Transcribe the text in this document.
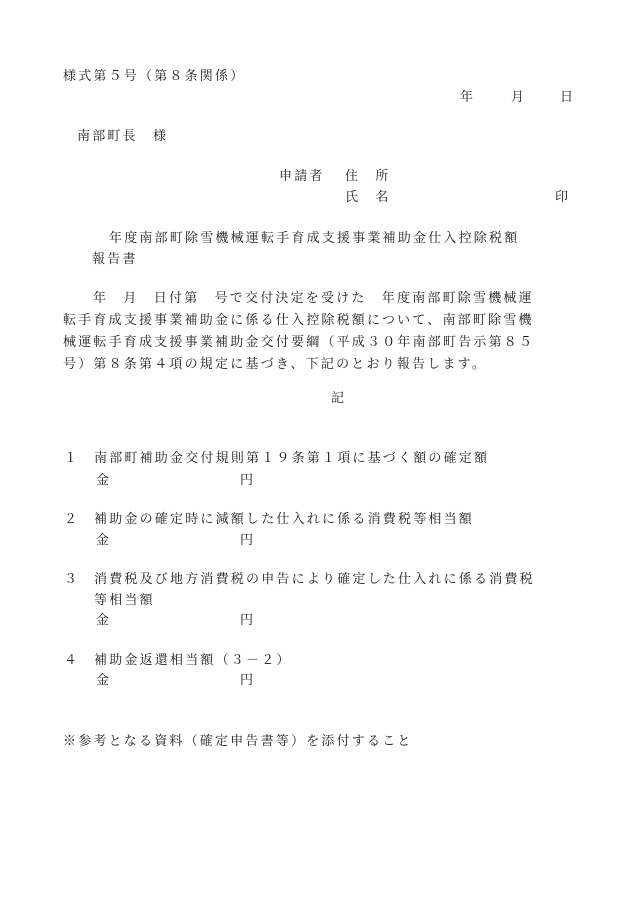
様式第５号（第８条関係）
年	月	日
南部町長　様
申請者 住　所
氏　名	印
年度南部町除雪機械運転手育成支援事業補助金仕入控除税額
報告書
年　月　日付第　号で交付決定を受けた　年度南部町除雪機械運
転手育成支援事業補助金に係る仕入控除税額について、南部町除雪機
械運転手育成支援事業補助金交付要綱（平成３０年南部町告示第８５
号）第８条第４項の規定に基づき、下記のとおり報告します。
記
１ 南部町補助金交付規則第１９条第１項に基づく額の確定額
金	円
２ 補助金の確定時に減額した仕入れに係る消費税等相当額
金	円
３ 消費税及び地方消費税の申告により確定した仕入れに係る消費税
等相当額
金	円
４ 補助金返還相当額（３－２）
金	円
※参考となる資料（確定申告書等）を添付すること
